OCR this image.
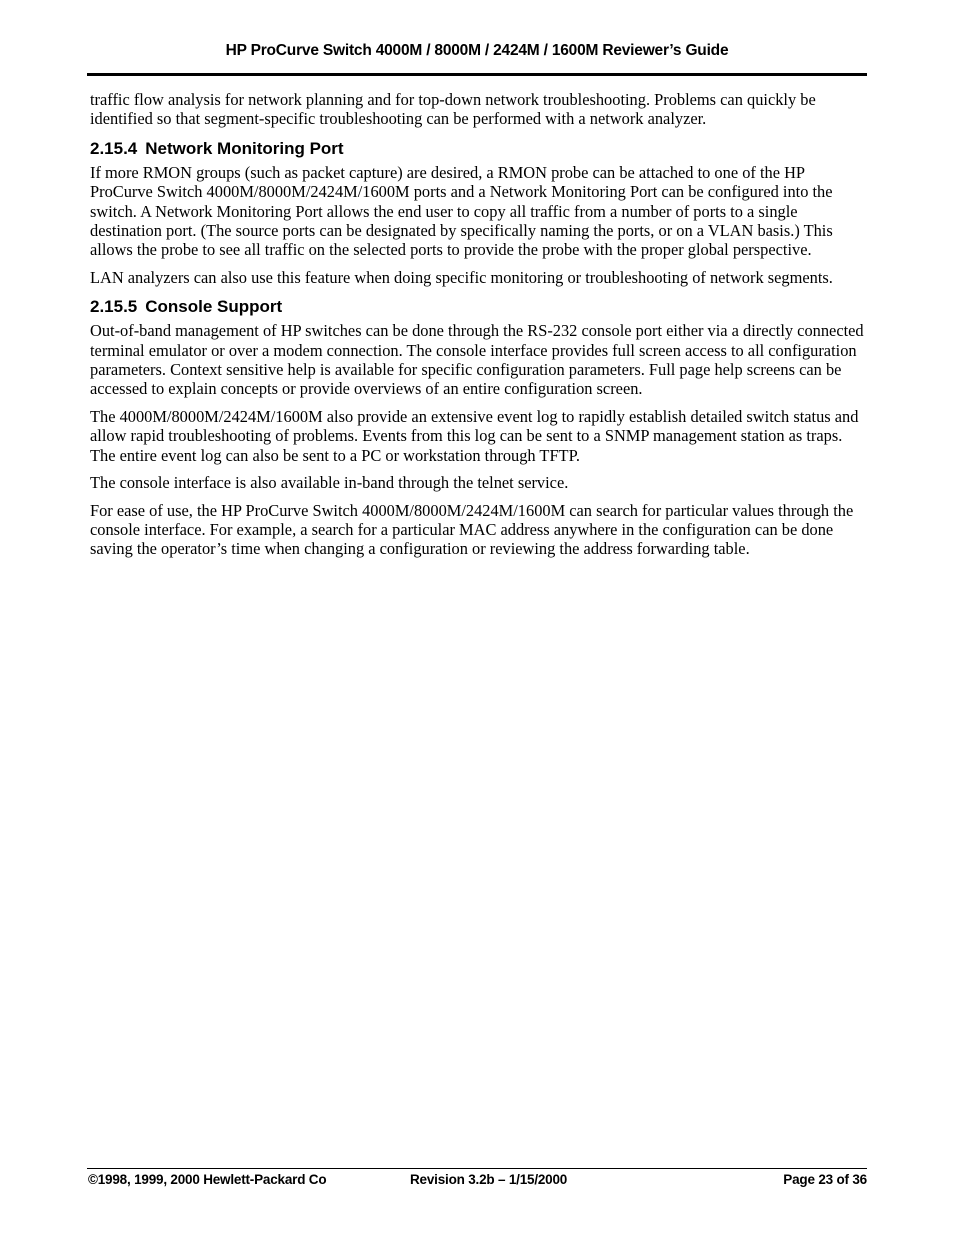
HP ProCurve Switch 4000M / 8000M / 2424M / 1600M Reviewer’s Guide

traffic flow analysis for network planning and for top-down network troubleshooting. Problems can quickly be identified so that segment-specific troubleshooting can be performed with a network analyzer.

2.15.4 Network Monitoring Port

If more RMON groups (such as packet capture) are desired, a RMON probe can be attached to one of the HP ProCurve Switch 4000M/8000M/2424M/1600M ports and a Network Monitoring Port can be configured into the switch. A Network Monitoring Port allows the end user to copy all traffic from a number of ports to a single destination port. (The source ports can be designated by specifically naming the ports, or on a VLAN basis.) This allows the probe to see all traffic on the selected ports to provide the probe with the proper global perspective.

LAN analyzers can also use this feature when doing specific monitoring or troubleshooting of network segments.

2.15.5 Console Support

Out-of-band management of HP switches can be done through the RS-232 console port either via a directly connected terminal emulator or over a modem connection. The console interface provides full screen access to all configuration parameters. Context sensitive help is available for specific configuration parameters. Full page help screens can be accessed to explain concepts or provide overviews of an entire configuration screen.

The 4000M/8000M/2424M/1600M also provide an extensive event log to rapidly establish detailed switch status and allow rapid troubleshooting of problems. Events from this log can be sent to a SNMP management station as traps. The entire event log can also be sent to a PC or workstation through TFTP.

The console interface is also available in-band through the telnet service.

For ease of use, the HP ProCurve Switch 4000M/8000M/2424M/1600M can search for particular values through the console interface. For example, a search for a particular MAC address anywhere in the configuration can be done saving the operator’s time when changing a configuration or reviewing the address forwarding table.

©1998, 1999, 2000 Hewlett-Packard Co	Revision 3.2b – 1/15/2000	Page 23 of 36
